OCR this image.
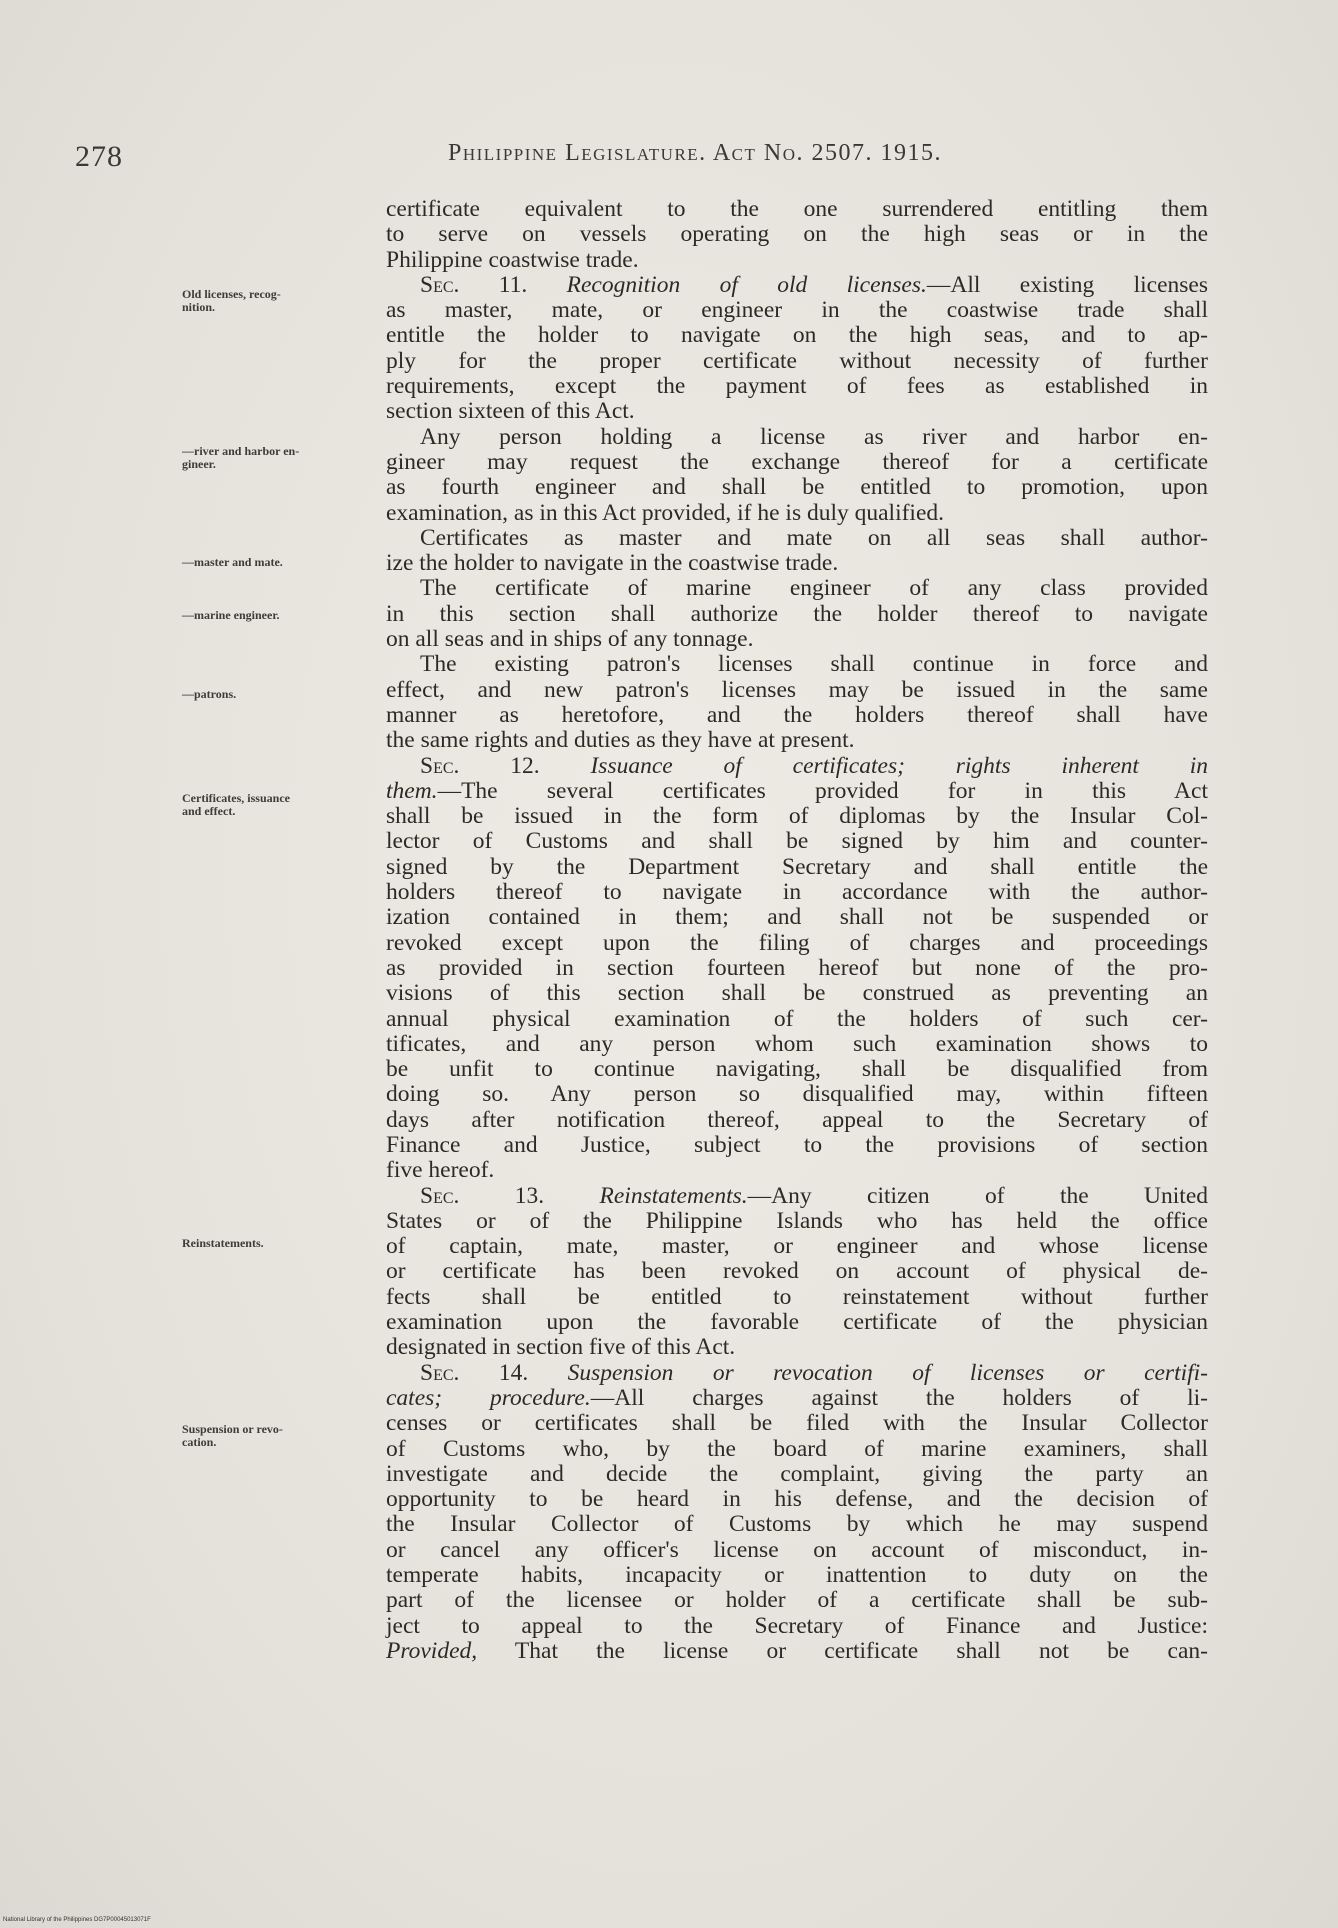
278	Philippine Legislature. Act No. 2507. 1915.
Old licenses, recog-
nition.
—river and harbor en-
gineer.
—master and mate.
—marine engineer.
—patrons.
Certificates, issuance
and effect.
Reinstatements.
Suspension or revo-
cation.
certificate equivalent to the one surrendered entitling them
to serve on vessels operating on the high seas or in the
Philippine coastwise trade.
Sec. 11. Recognition of old licenses.—All existing licenses
as master, mate, or engineer in the coastwise trade shall
entitle the holder to navigate on the high seas, and to ap-
ply for the proper certificate without necessity of further
requirements, except the payment of fees as established in
section sixteen of this Act.
Any person holding a license as river and harbor en-
gineer may request the exchange thereof for a certificate
as fourth engineer and shall be entitled to promotion, upon
examination, as in this Act provided, if he is duly qualified.
Certificates as master and mate on all seas shall author-
ize the holder to navigate in the coastwise trade.
The certificate of marine engineer of any class provided
in this section shall authorize the holder thereof to navigate
on all seas and in ships of any tonnage.
The existing patron's licenses shall continue in force and
effect, and new patron's licenses may be issued in the same
manner as heretofore, and the holders thereof shall have
the same rights and duties as they have at present.
Sec. 12. Issuance of certificates; rights inherent in
them.—The several certificates provided for in this Act
shall be issued in the form of diplomas by the Insular Col-
lector of Customs and shall be signed by him and counter-
signed by the Department Secretary and shall entitle the
holders thereof to navigate in accordance with the author-
ization contained in them; and shall not be suspended or
revoked except upon the filing of charges and proceedings
as provided in section fourteen hereof but none of the pro-
visions of this section shall be construed as preventing an
annual physical examination of the holders of such cer-
tificates, and any person whom such examination shows to
be unfit to continue navigating, shall be disqualified from
doing so. Any person so disqualified may, within fifteen
days after notification thereof, appeal to the Secretary of
Finance and Justice, subject to the provisions of section
five hereof.
Sec. 13. Reinstatements.—Any citizen of the United
States or of the Philippine Islands who has held the office
of captain, mate, master, or engineer and whose license
or certificate has been revoked on account of physical de-
fects shall be entitled to reinstatement without further
examination upon the favorable certificate of the physician
designated in section five of this Act.
Sec. 14. Suspension or revocation of licenses or certifi-
cates; procedure.—All charges against the holders of li-
censes or certificates shall be filed with the Insular Collector
of Customs who, by the board of marine examiners, shall
investigate and decide the complaint, giving the party an
opportunity to be heard in his defense, and the decision of
the Insular Collector of Customs by which he may suspend
or cancel any officer's license on account of misconduct, in-
temperate habits, incapacity or inattention to duty on the
part of the licensee or holder of a certificate shall be sub-
ject to appeal to the Secretary of Finance and Justice:
Provided, That the license or certificate shall not be can-
National Library of the Philippines DG7P00045013071F
